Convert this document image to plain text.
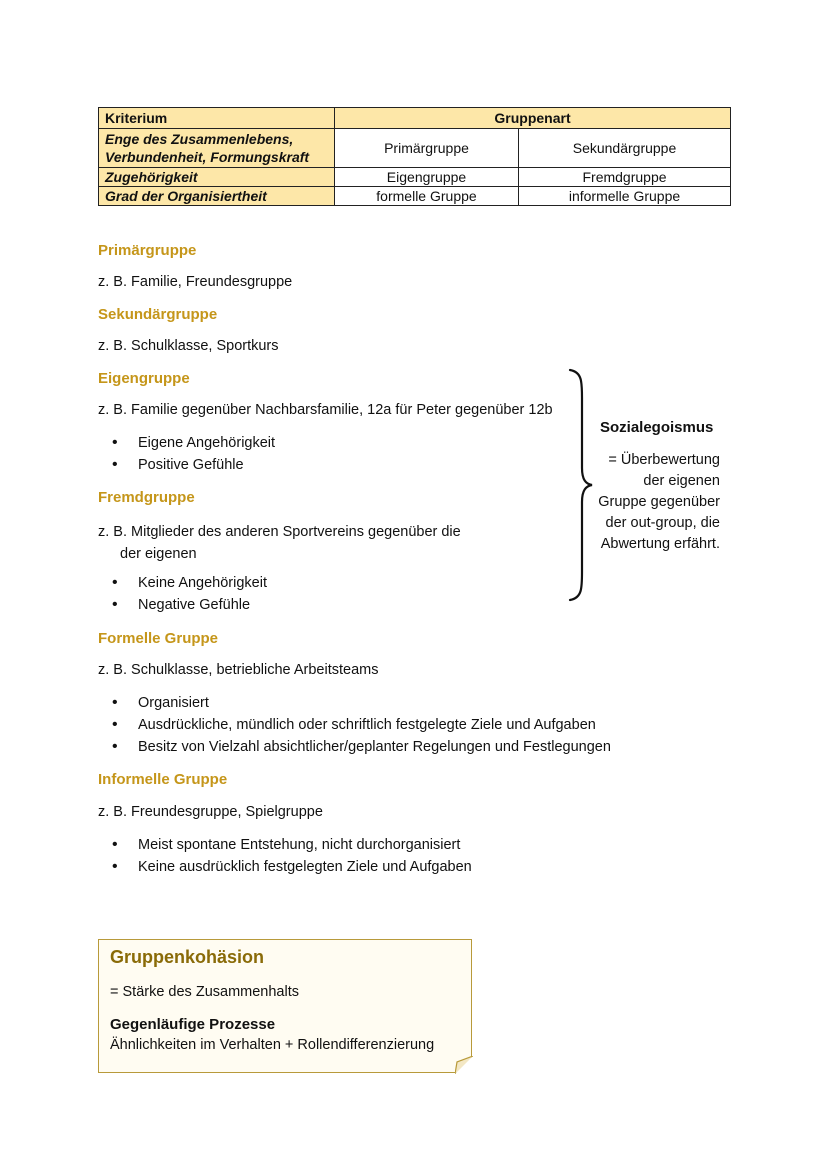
Kriterium	Gruppenart	
Enge des Zusammenlebens,
Verbundenheit, Formungskraft	Primärgruppe	Sekundärgruppe
Zugehörigkeit	Eigengruppe	Fremdgruppe
Grad der Organisiertheit	formelle Gruppe	informelle Gruppe
Primärgruppe
z. B. Familie, Freundesgruppe
Sekundärgruppe
z. B. Schulklasse, Sportkurs
Eigengruppe
z. B. Familie gegenüber Nachbarsfamilie, 12a für Peter gegenüber 12b
• Eigene Angehörigkeit
• Positive Gefühle
Fremdgruppe
z. B. Mitglieder des anderen Sportvereins gegenüber die
der eigenen
• Keine Angehörigkeit
• Negative Gefühle
Sozialegoismus
= Überbewertung
der eigenen
Gruppe gegenüber
der out-group, die
Abwertung erfährt.
Formelle Gruppe
z. B. Schulklasse, betriebliche Arbeitsteams
• Organisiert
• Ausdrückliche, mündlich oder schriftlich festgelegte Ziele und Aufgaben
• Besitz von Vielzahl absichtlicher/geplanter Regelungen und Festlegungen
Informelle Gruppe
z. B. Freundesgruppe, Spielgruppe
• Meist spontane Entstehung, nicht durchorganisiert
• Keine ausdrücklich festgelegten Ziele und Aufgaben
Gruppenkohäsion
= Stärke des Zusammenhalts
Gegenläufige Prozesse
Ähnlichkeiten im Verhalten + Rollendifferenzierung
